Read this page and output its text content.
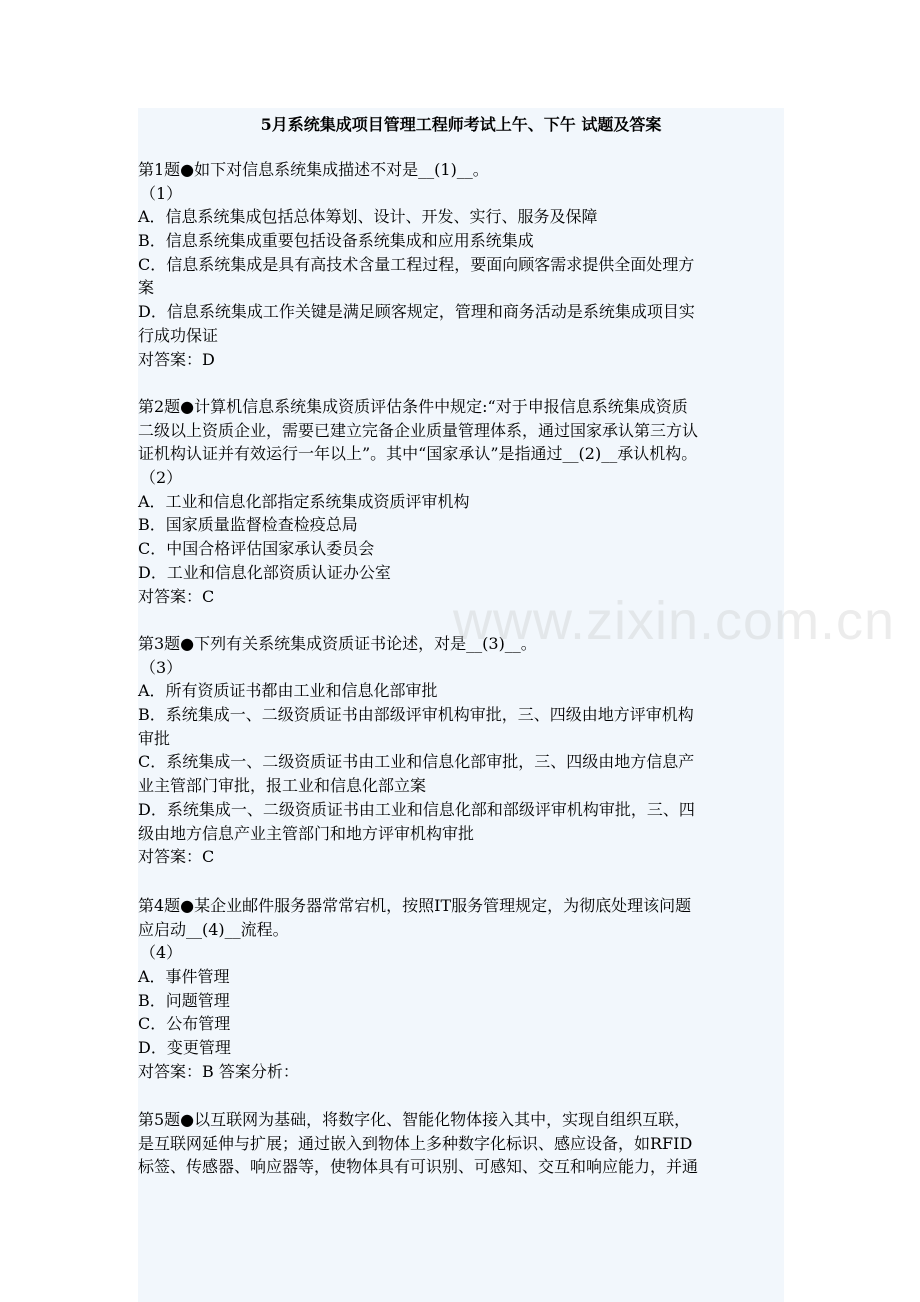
5月系统集成项目管理工程师考试上午、下午 试题及答案
第1题●如下对信息系统集成描述不对是__(1)__。
（1）
A．信息系统集成包括总体筹划、设计、开发、实行、服务及保障
B．信息系统集成重要包括设备系统集成和应用系统集成
C．信息系统集成是具有高技术含量工程过程，要面向顾客需求提供全面处理方
案
D．信息系统集成工作关键是满足顾客规定，管理和商务活动是系统集成项目实
行成功保证
对答案：D
第2题●计算机信息系统集成资质评估条件中规定:“对于申报信息系统集成资质
二级以上资质企业，需要已建立完备企业质量管理体系，通过国家承认第三方认
证机构认证并有效运行一年以上”。其中“国家承认”是指通过__(2)__承认机构。
（2）
A．工业和信息化部指定系统集成资质评审机构
B．国家质量监督检查检疫总局
C．中国合格评估国家承认委员会
D．工业和信息化部资质认证办公室
对答案：C
第3题●下列有关系统集成资质证书论述，对是__(3)__。
（3）
A．所有资质证书都由工业和信息化部审批
B．系统集成一、二级资质证书由部级评审机构审批，三、四级由地方评审机构
审批
C．系统集成一、二级资质证书由工业和信息化部审批，三、四级由地方信息产
业主管部门审批，报工业和信息化部立案
D．系统集成一、二级资质证书由工业和信息化部和部级评审机构审批，三、四
级由地方信息产业主管部门和地方评审机构审批
对答案：C
第4题●某企业邮件服务器常常宕机，按照IT服务管理规定，为彻底处理该问题
应启动__(4)__流程。
（4）
A．事件管理
B．问题管理
C．公布管理
D．变更管理
对答案：B 答案分析：
第5题●以互联网为基础，将数字化、智能化物体接入其中，实现自组织互联，
是互联网延伸与扩展；通过嵌入到物体上多种数字化标识、感应设备，如RFID
标签、传感器、响应器等，使物体具有可识别、可感知、交互和响应能力，并通
www.zixin.com.cn
